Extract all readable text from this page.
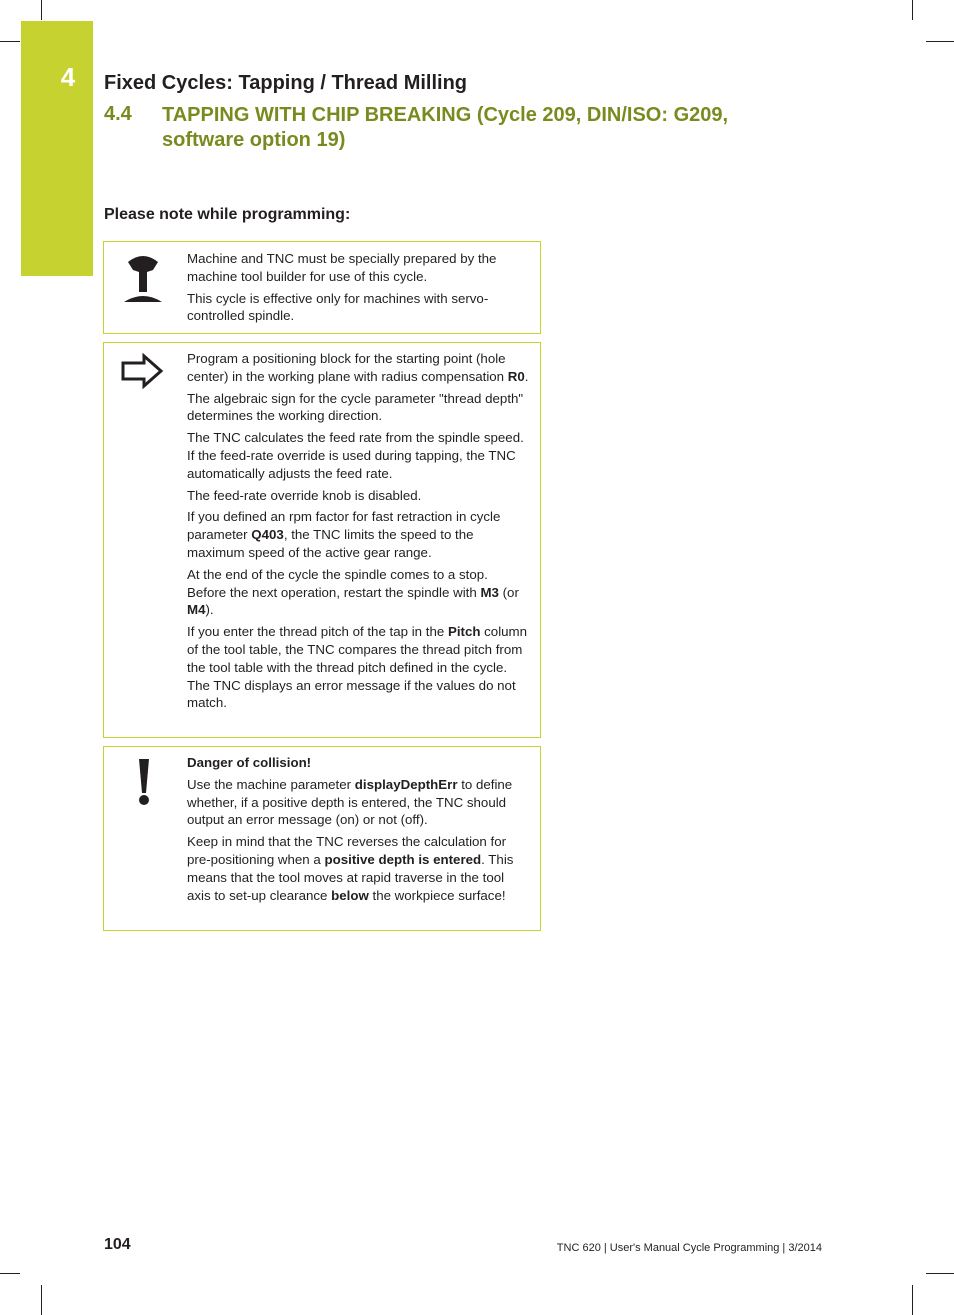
4 Fixed Cycles: Tapping / Thread Milling
4.4 TAPPING WITH CHIP BREAKING (Cycle 209, DIN/ISO: G209, software option 19)
Please note while programming:

Machine and TNC must be specially prepared by the machine tool builder for use of this cycle.

This cycle is effective only for machines with servo-controlled spindle.

Program a positioning block for the starting point (hole center) in the working plane with radius compensation R0.

The algebraic sign for the cycle parameter "thread depth" determines the working direction.

The TNC calculates the feed rate from the spindle speed. If the feed-rate override is used during tapping, the TNC automatically adjusts the feed rate.

The feed-rate override knob is disabled.

If you defined an rpm factor for fast retraction in cycle parameter Q403, the TNC limits the speed to the maximum speed of the active gear range.

At the end of the cycle the spindle comes to a stop. Before the next operation, restart the spindle with M3 (or M4).

If you enter the thread pitch of the tap in the Pitch column of the tool table, the TNC compares the thread pitch from the tool table with the thread pitch defined in the cycle. The TNC displays an error message if the values do not match.

Danger of collision!

Use the machine parameter displayDepthErr to define whether, if a positive depth is entered, the TNC should output an error message (on) or not (off).

Keep in mind that the TNC reverses the calculation for pre-positioning when a positive depth is entered. This means that the tool moves at rapid traverse in the tool axis to set-up clearance below the workpiece surface!

104	TNC 620 | User's Manual Cycle Programming | 3/2014
